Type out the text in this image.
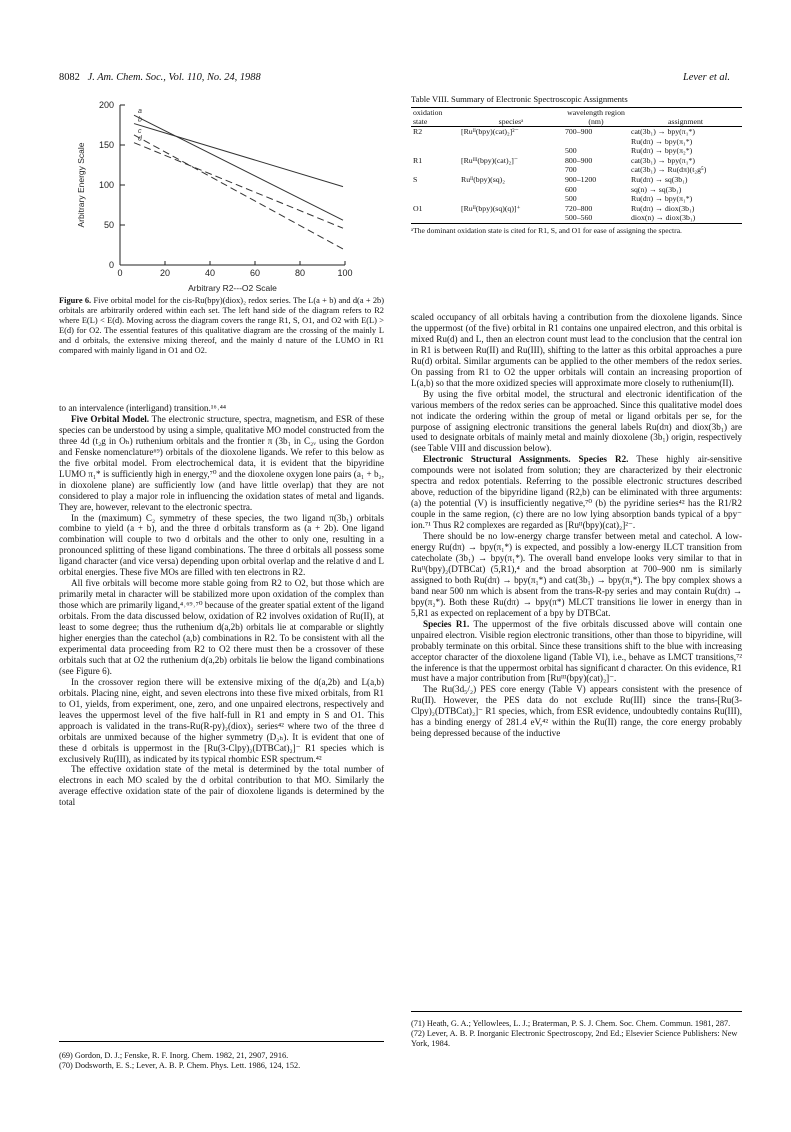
8082 J. Am. Chem. Soc., Vol. 110, No. 24, 1988	Lever et al.
0
50
100
150
200
0	20	40	60	80	100
Arbitrary R2---O2 Scale
Arbitrary Energy Scale
a
b
c
d
Figure 6. Five orbital model for the cis-Ru(bpy)(diox)₂ redox series. The L(a + b) and d(a + 2b) orbitals are arbitrarily ordered within each set. The left hand side of the diagram refers to R2 where E(L) < E(d). Moving across the diagram covers the range R1, S, O1, and O2 with E(L) > E(d) for O2. The essential features of this qualitative diagram are the crossing of the mainly L and d orbitals, the extensive mixing thereof, and the mainly d nature of the LUMO in R1 compared with mainly ligand in O1 and O2.
Table VIII. Summary of Electronic Spectroscopic Assignments
oxidation state	speciesᵃ	wavelength region (nm)	assignment
R2	[Ruᴵᴵ(bpy)(cat)₂]²⁻	700–900	cat(3b₁) → bpy(π₁*)
			Ru(dπ) → bpy(π₁*)
		500	Ru(dπ) → bpy(π₂*)
R1	[Ruᴵᴵᴵ(bpy)(cat)₂]⁻	800–900	cat(3b₁) → bpy(π₁*)
		700	cat(3b₁) → Ru(dπ)(t₂g⁵)
S	Ruᴵᴵ(bpy)(sq)₂	900–1200	Ru(dπ) → sq(3b₁)
		600	sq(n) → sq(3b₁)
		500	Ru(dπ) → bpy(π₁*)
O1	[Ruᴵᴵ(bpy)(sq)(q)]⁺	720–800	Ru(dπ) → diox(3b₁)
		500–560	diox(n) → diox(3b₁)
ᵃThe dominant oxidation state is cited for R1, S, and O1 for ease of assigning the spectra.

to an intervalence (interligand) transition.¹⁶˒⁴⁴

Five Orbital Model. The electronic structure, spectra, magnetism, and ESR of these species can be understood by using a simple, qualitative MO model constructed from the three 4d (t₂g in Oₕ) ruthenium orbitals and the frontier π (3b₁ in C₂ᵥ using the Gordon and Fenske nomenclature⁶⁹) orbitals of the dioxolene ligands. We refer to this below as the five orbital model. From electrochemical data, it is evident that the bipyridine LUMO π₁* is sufficiently high in energy,⁷⁰ and the dioxolene oxygen lone pairs (a₁ + b₂, in dioxolene plane) are sufficiently low (and have little overlap) that they are not considered to play a major role in influencing the oxidation states of metal and ligands. They are, however, relevant to the electronic spectra.

In the (maximum) C₂ symmetry of these species, the two ligand π(3b₁) orbitals combine to yield (a + b), and the three d orbitals transform as (a + 2b). One ligand combination will couple to two d orbitals and the other to only one, resulting in a pronounced splitting of these ligand combinations. The three d orbitals all possess some ligand character (and vice versa) depending upon orbital overlap and the relative d and L orbital energies. These five MOs are filled with ten electrons in R2.

All five orbitals will become more stable going from R2 to O2, but those which are primarily metal in character will be stabilized more upon oxidation of the complex than those which are primarily ligand,⁴˒⁶⁹˒⁷⁰ because of the greater spatial extent of the ligand orbitals. From the data discussed below, oxidation of R2 involves oxidation of Ru(II), at least to some degree; thus the ruthenium d(a,2b) orbitals lie at comparable or slightly higher energies than the catechol (a,b) combinations in R2. To be consistent with all the experimental data proceeding from R2 to O2 there must then be a crossover of these orbitals such that at O2 the ruthenium d(a,2b) orbitals lie below the ligand combinations (see Figure 6).

In the crossover region there will be extensive mixing of the d(a,2b) and L(a,b) orbitals. Placing nine, eight, and seven electrons into these five mixed orbitals, from R1 to O1, yields, from experiment, one, zero, and one unpaired electrons, respectively and leaves the uppermost level of the five half-full in R1 and empty in S and O1. This approach is validated in the trans-Ru(R-py)₂(diox)₂ series⁴² where two of the three d orbitals are unmixed because of the higher symmetry (D₂ₕ). It is evident that one of these d orbitals is uppermost in the [Ru(3-Clpy)₂(DTBCat)₂]⁻ R1 species which is exclusively Ru(III), as indicated by its typical rhombic ESR spectrum.⁴²

The effective oxidation state of the metal is determined by the total number of electrons in each MO scaled by the d orbital contribution to that MO. Similarly the average effective oxidation state of the pair of dioxolene ligands is determined by the total

scaled occupancy of all orbitals having a contribution from the dioxolene ligands. Since the uppermost (of the five) orbital in R1 contains one unpaired electron, and this orbital is mixed Ru(d) and L, then an electron count must lead to the conclusion that the central ion in R1 is between Ru(II) and Ru(III), shifting to the latter as this orbital approaches a pure Ru(d) orbital. Similar arguments can be applied to the other members of the redox series. On passing from R1 to O2 the upper orbitals will contain an increasing proportion of L(a,b) so that the more oxidized species will approximate more closely to ruthenium(II).

By using the five orbital model, the structural and electronic identification of the various members of the redox series can be approached. Since this qualitative model does not indicate the ordering within the group of metal or ligand orbitals per se, for the purpose of assigning electronic transitions the general labels Ru(dπ) and diox(3b₁) are used to designate orbitals of mainly metal and mainly dioxolene (3b₁) origin, respectively (see Table VIII and discussion below).

Electronic Structural Assignments. Species R2. These highly air-sensitive compounds were not isolated from solution; they are characterized by their electronic spectra and redox potentials. Referring to the possible electronic structures described above, reduction of the bipyridine ligand (R2,b) can be eliminated with three arguments: (a) the potential (V) is insufficiently negative,⁷⁰ (b) the pyridine series⁴² has the R1/R2 couple in the same region, (c) there are no low lying absorption bands typical of a bpy⁻ ion.⁷¹ Thus R2 complexes are regarded as [Ruᴵᴵ(bpy)(cat)₂]²⁻.

There should be no low-energy charge transfer between metal and catechol. A low-energy Ru(dπ) → bpy(π₁*) is expected, and possibly a low-energy ILCT transition from catecholate (3b₁) → bpy(π₁*). The overall band envelope looks very similar to that in Ruᴵᴵ(bpy)₂(DTBCat) (5,R1),⁴ and the broad absorption at 700–900 nm is similarly assigned to both Ru(dπ) → bpy(π₁*) and cat(3b₁) → bpy(π₁*). The bpy complex shows a band near 500 nm which is absent from the trans-R-py series and may contain Ru(dπ) → bpy(π₂*). Both these Ru(dπ) → bpy(π*) MLCT transitions lie lower in energy than in 5,R1 as expected on replacement of a bpy by DTBCat.

Species R1. The uppermost of the five orbitals discussed above will contain one unpaired electron. Visible region electronic transitions, other than those to bipyridine, will probably terminate on this orbital. Since these transitions shift to the blue with increasing acceptor character of the dioxolene ligand (Table VI), i.e., behave as LMCT transitions,⁷² the inference is that the uppermost orbital has significant d character. On this evidence, R1 must have a major contribution from [Ruᴵᴵᴵ(bpy)(cat)₂]⁻.

The Ru(3d₅/₂) PES core energy (Table V) appears consistent with the presence of Ru(II). However, the PES data do not exclude Ru(III) since the trans-[Ru(3-Clpy)₂(DTBCat)₂]⁻ R1 species, which, from ESR evidence, undoubtedly contains Ru(III), has a binding energy of 281.4 eV,⁴² within the Ru(II) range, the core energy probably being depressed because of the inductive

(69) Gordon, D. J.; Fenske, R. F. Inorg. Chem. 1982, 21, 2907, 2916.
(70) Dodsworth, E. S.; Lever, A. B. P. Chem. Phys. Lett. 1986, 124, 152.
(71) Heath, G. A.; Yellowlees, L. J.; Braterman, P. S. J. Chem. Soc. Chem. Commun. 1981, 287.
(72) Lever, A. B. P. Inorganic Electronic Spectroscopy, 2nd Ed.; Elsevier Science Publishers: New York, 1984.
